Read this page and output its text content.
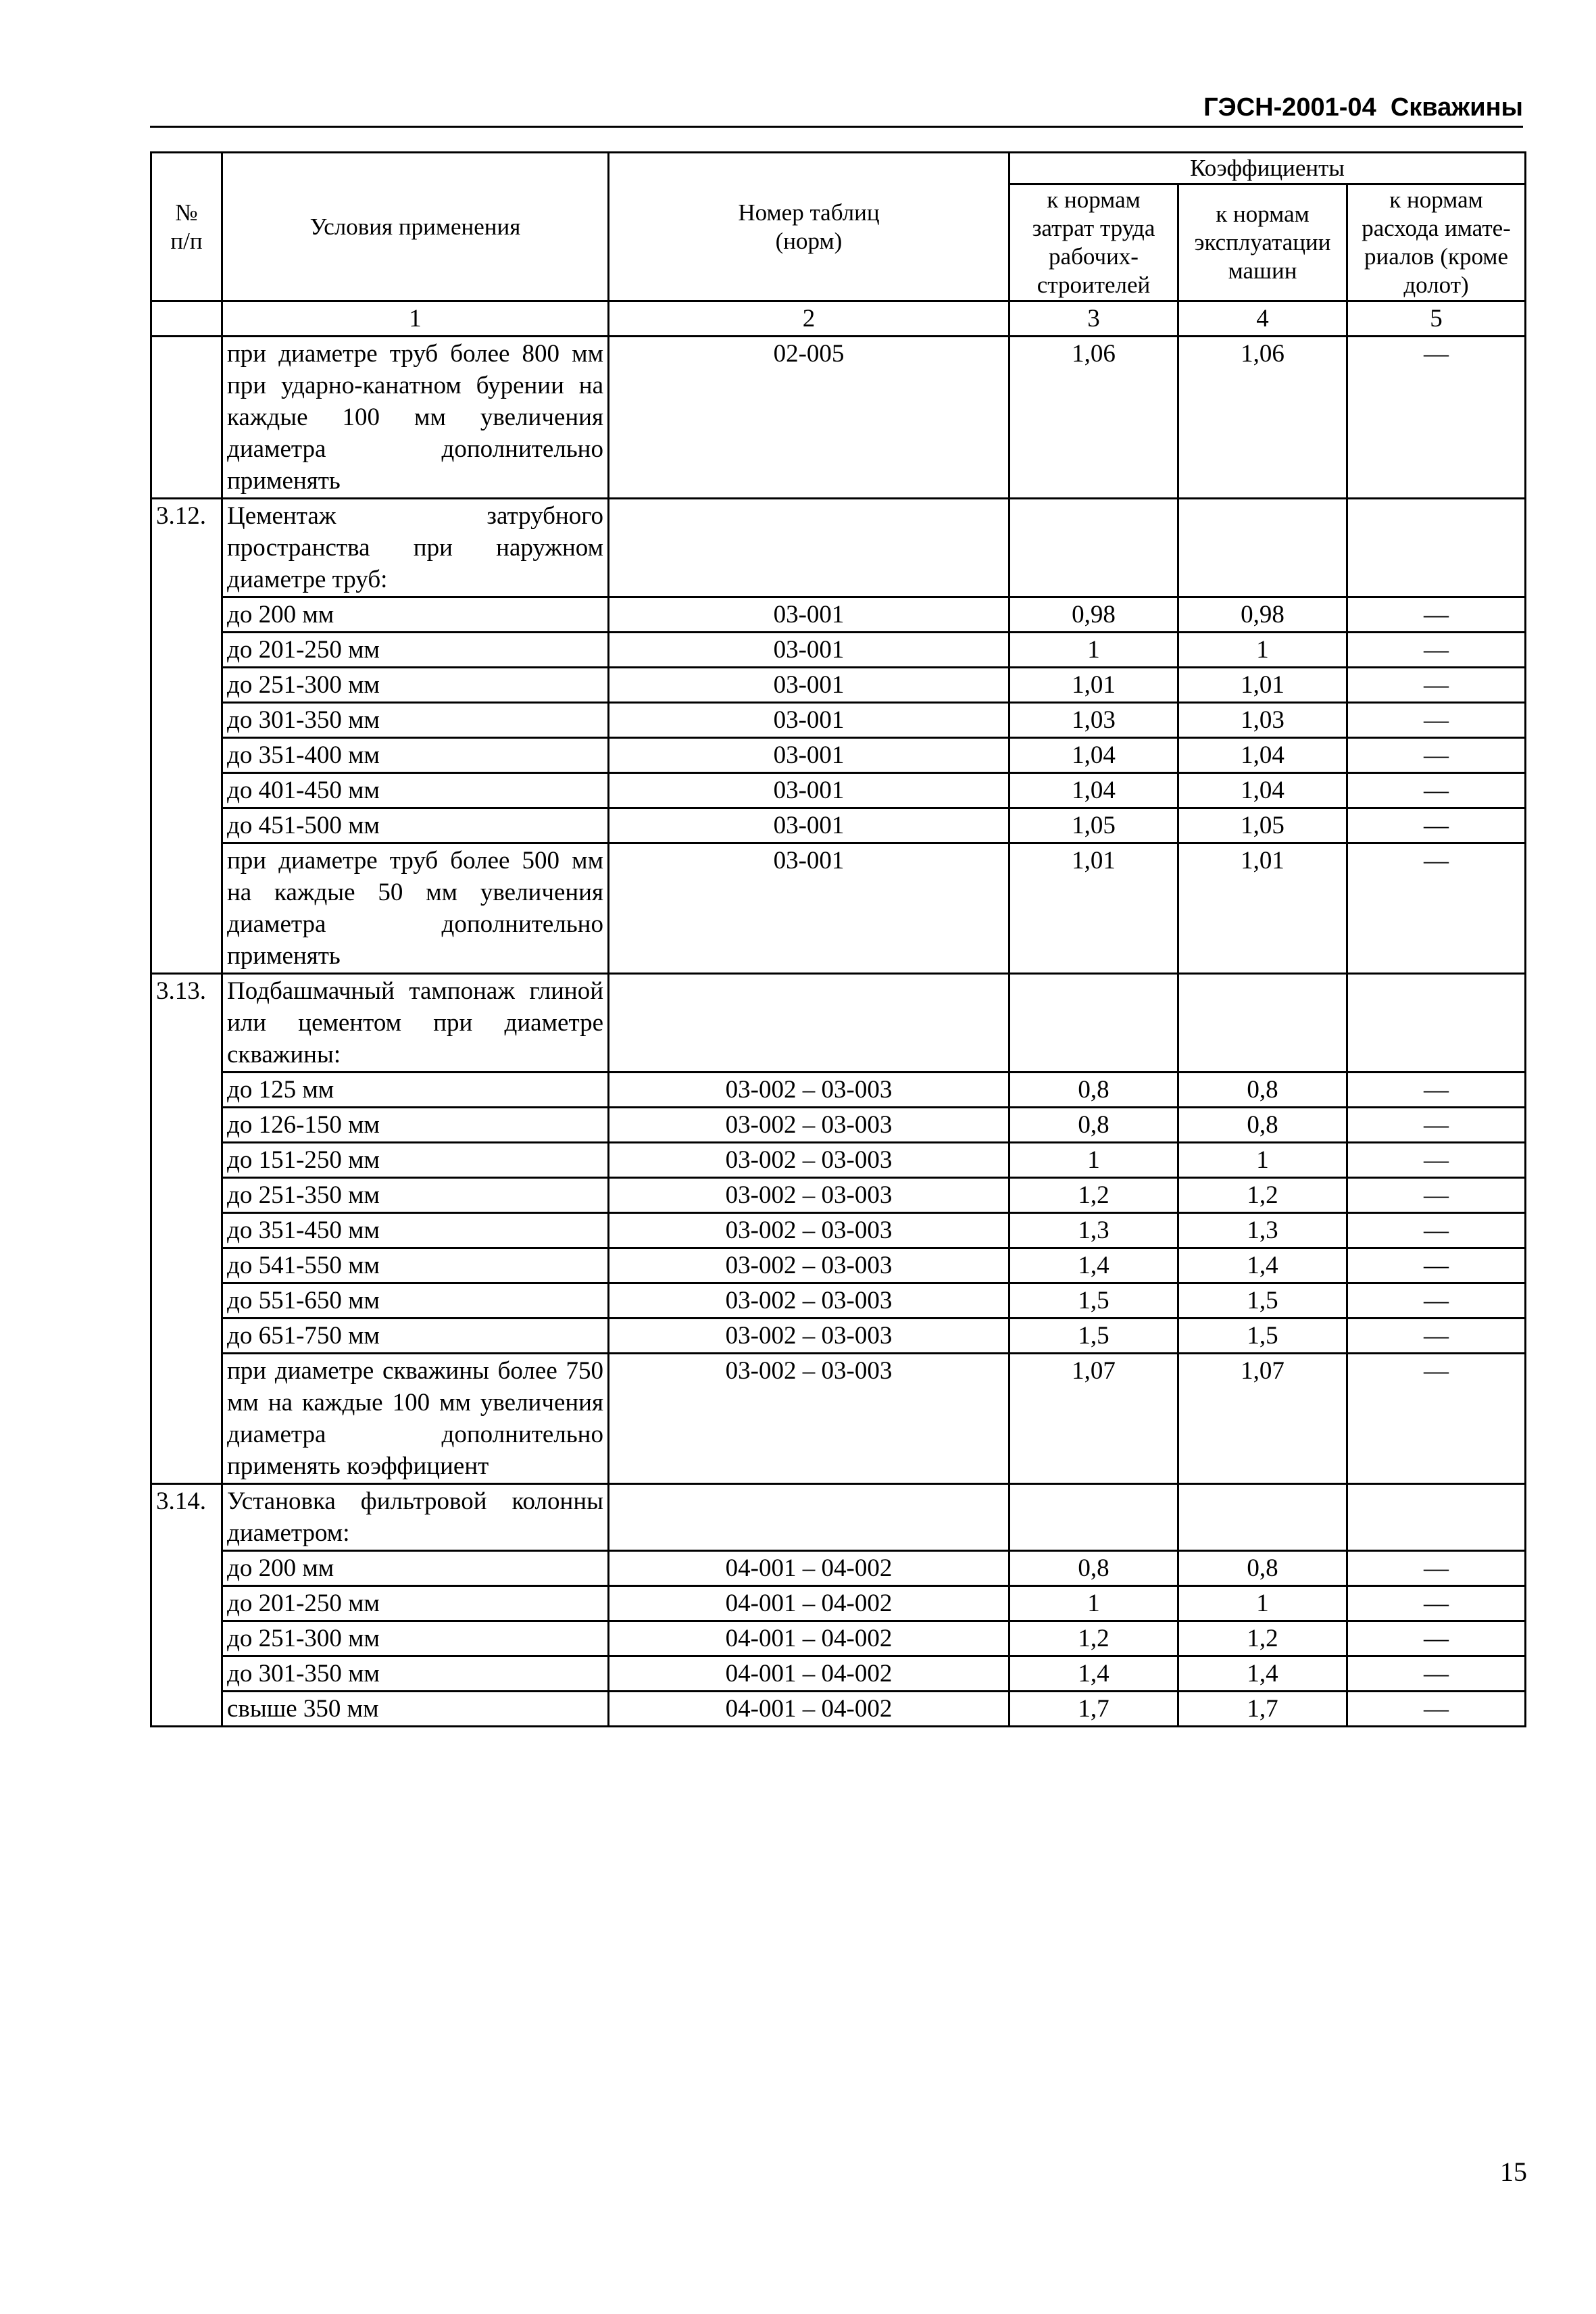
ГЭСН-2001-04 Скважины
№
п/п	Условия применения	Номер таблиц (норм)	Коэффициенты		
			к нормам затрат труда рабочих-строителей	к нормам эксплуатации машин	к нормам расхода имате-риалов (кроме долот)
	1	2	3	4	5
	при диаметре труб более 800 мм при ударно-канатном бурении на каждые 100 мм увеличения диаметра дополнительно применять	02-005	1,06	1,06	—
3.12.	Цементаж затрубного пространства при наружном диаметре труб:				
	до 200 мм	03-001	0,98	0,98	—
	до 201-250 мм	03-001	1	1	—
	до 251-300 мм	03-001	1,01	1,01	—
	до 301-350 мм	03-001	1,03	1,03	—
	до 351-400 мм	03-001	1,04	1,04	—
	до 401-450 мм	03-001	1,04	1,04	—
	до 451-500 мм	03-001	1,05	1,05	—
	при диаметре труб более 500 мм на каждые 50 мм увеличения диаметра дополнительно применять	03-001	1,01	1,01	—
3.13.	Подбашмачный тампонаж глиной или цементом при диаметре скважины:				
	до 125 мм	03-002 – 03-003	0,8	0,8	—
	до 126-150 мм	03-002 – 03-003	0,8	0,8	—
	до 151-250 мм	03-002 – 03-003	1	1	—
	до 251-350 мм	03-002 – 03-003	1,2	1,2	—
	до 351-450 мм	03-002 – 03-003	1,3	1,3	—
	до 541-550 мм	03-002 – 03-003	1,4	1,4	—
	до 551-650 мм	03-002 – 03-003	1,5	1,5	—
	до 651-750 мм	03-002 – 03-003	1,5	1,5	—
	при диаметре скважины более 750 мм на каждые 100 мм увеличения диаметра дополнительно применять коэффициент	03-002 – 03-003	1,07	1,07	—
3.14.	Установка фильтровой колонны диаметром:				
	до 200 мм	04-001 – 04-002	0,8	0,8	—
	до 201-250 мм	04-001 – 04-002	1	1	—
	до 251-300 мм	04-001 – 04-002	1,2	1,2	—
	до 301-350 мм	04-001 – 04-002	1,4	1,4	—
	свыше 350 мм	04-001 – 04-002	1,7	1,7	—
15
